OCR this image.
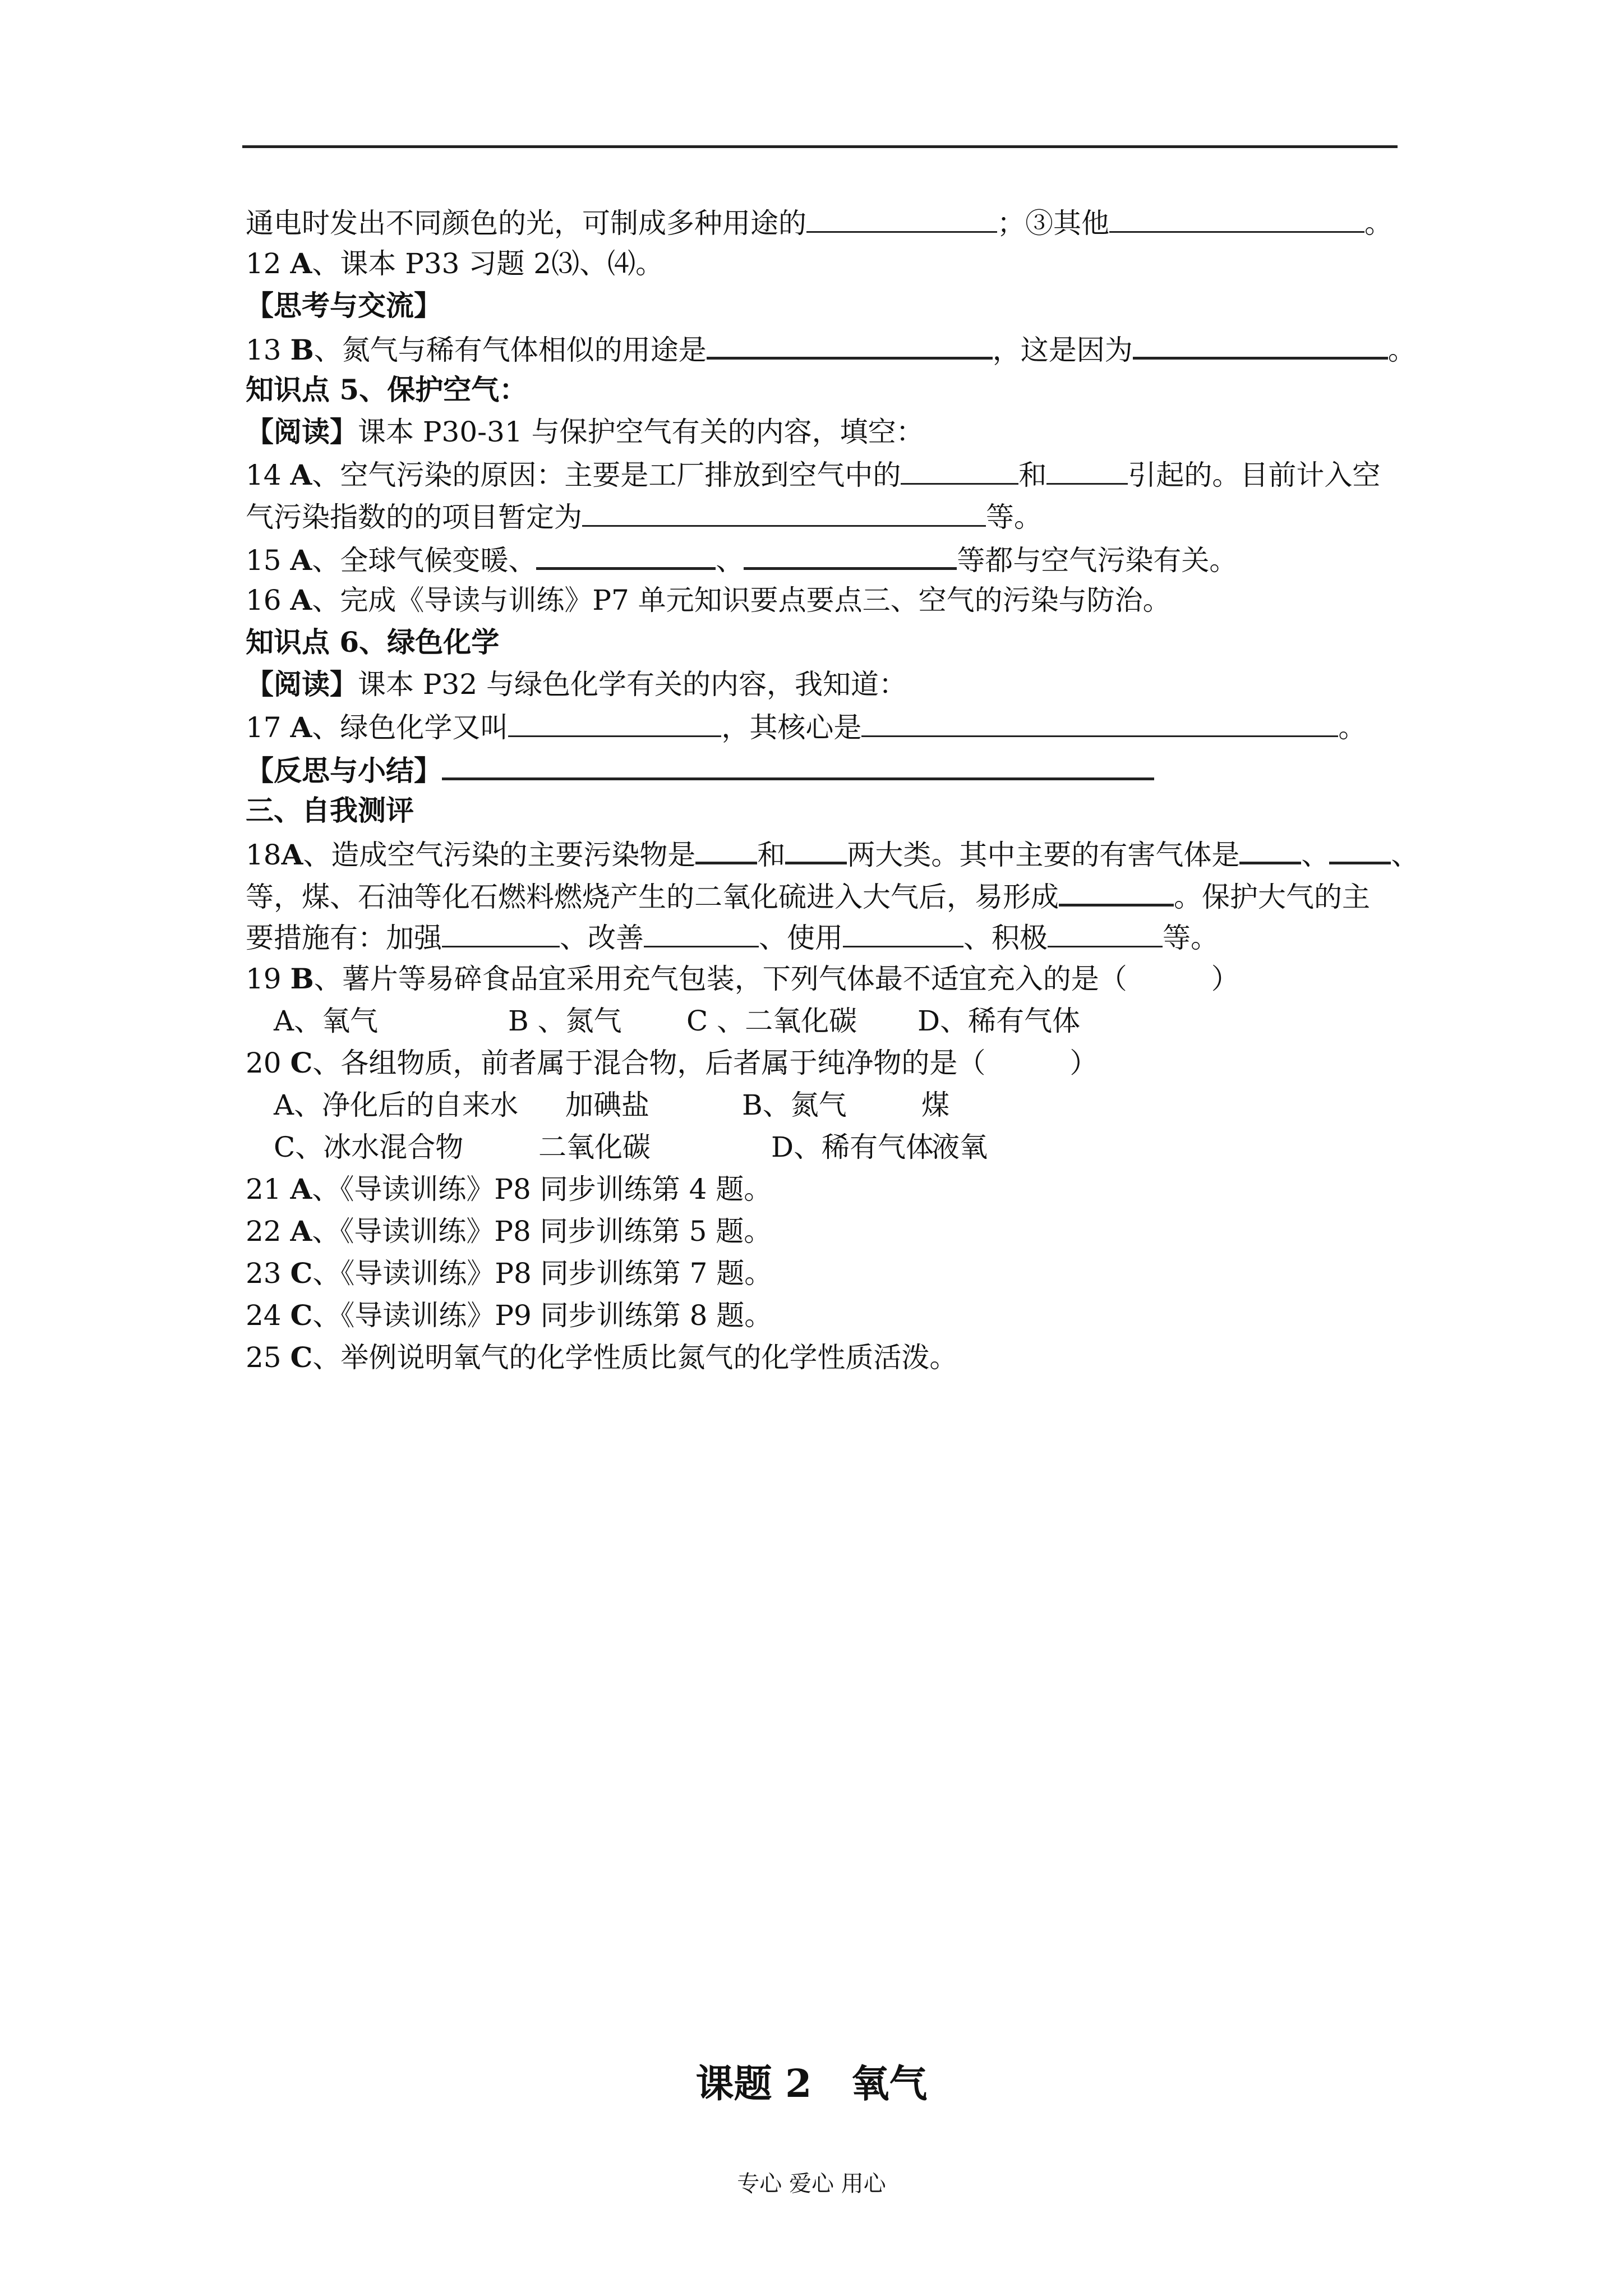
通电时发出不同颜色的光，可制成多种用途的	；③其他	。
12 A、课本 P33 习题 2⑶、⑷。
【思考与交流】
13 B、氮气与稀有气体相似的用途是	，这是因为	。
知识点 5、保护空气：
【阅读】课本 P30-31 与保护空气有关的内容，填空：
14 A、空气污染的原因：主要是工厂排放到空气中的	和	引起的。目前计入空
气污染指数的的项目暂定为	等。
15 A、全球气候变暖、	、	等都与空气污染有关。
16 A、完成《导读与训练》P7 单元知识要点要点三、空气的污染与防治。
知识点 6、绿色化学
【阅读】课本 P32 与绿色化学有关的内容，我知道：
17 A、绿色化学又叫	，其核心是	。
【反思与小结】
三、自我测评
18A、造成空气污染的主要污染物是 和 两大类。其中主要的有害气体是 、 、
等，煤、石油等化石燃料燃烧产生的二氧化硫进入大气后，易形成	。保护大气的主
要措施有：加强	、改善	、使用	、积极	等。
19 B、薯片等易碎食品宜采用充气包装，下列气体最不适宜充入的是（　　　）
A、氧气	B 、氮气 C 、二氧化碳 D、稀有气体
20 C、各组物质，前者属于混合物，后者属于纯净物的是（　　　）
A、净化后的自来水 加碘盐	B、氮气	煤
C、冰水混合物	二氧化碳	D、稀有气体液氧
21 A、《导读训练》P8 同步训练第 4 题。
22 A、《导读训练》P8 同步训练第 5 题。
23 C、《导读训练》P8 同步训练第 7 题。
24 C、《导读训练》P9 同步训练第 8 题。
25 C、举例说明氧气的化学性质比氮气的化学性质活泼。
课题 2 氧气
专心 爱心 用心
